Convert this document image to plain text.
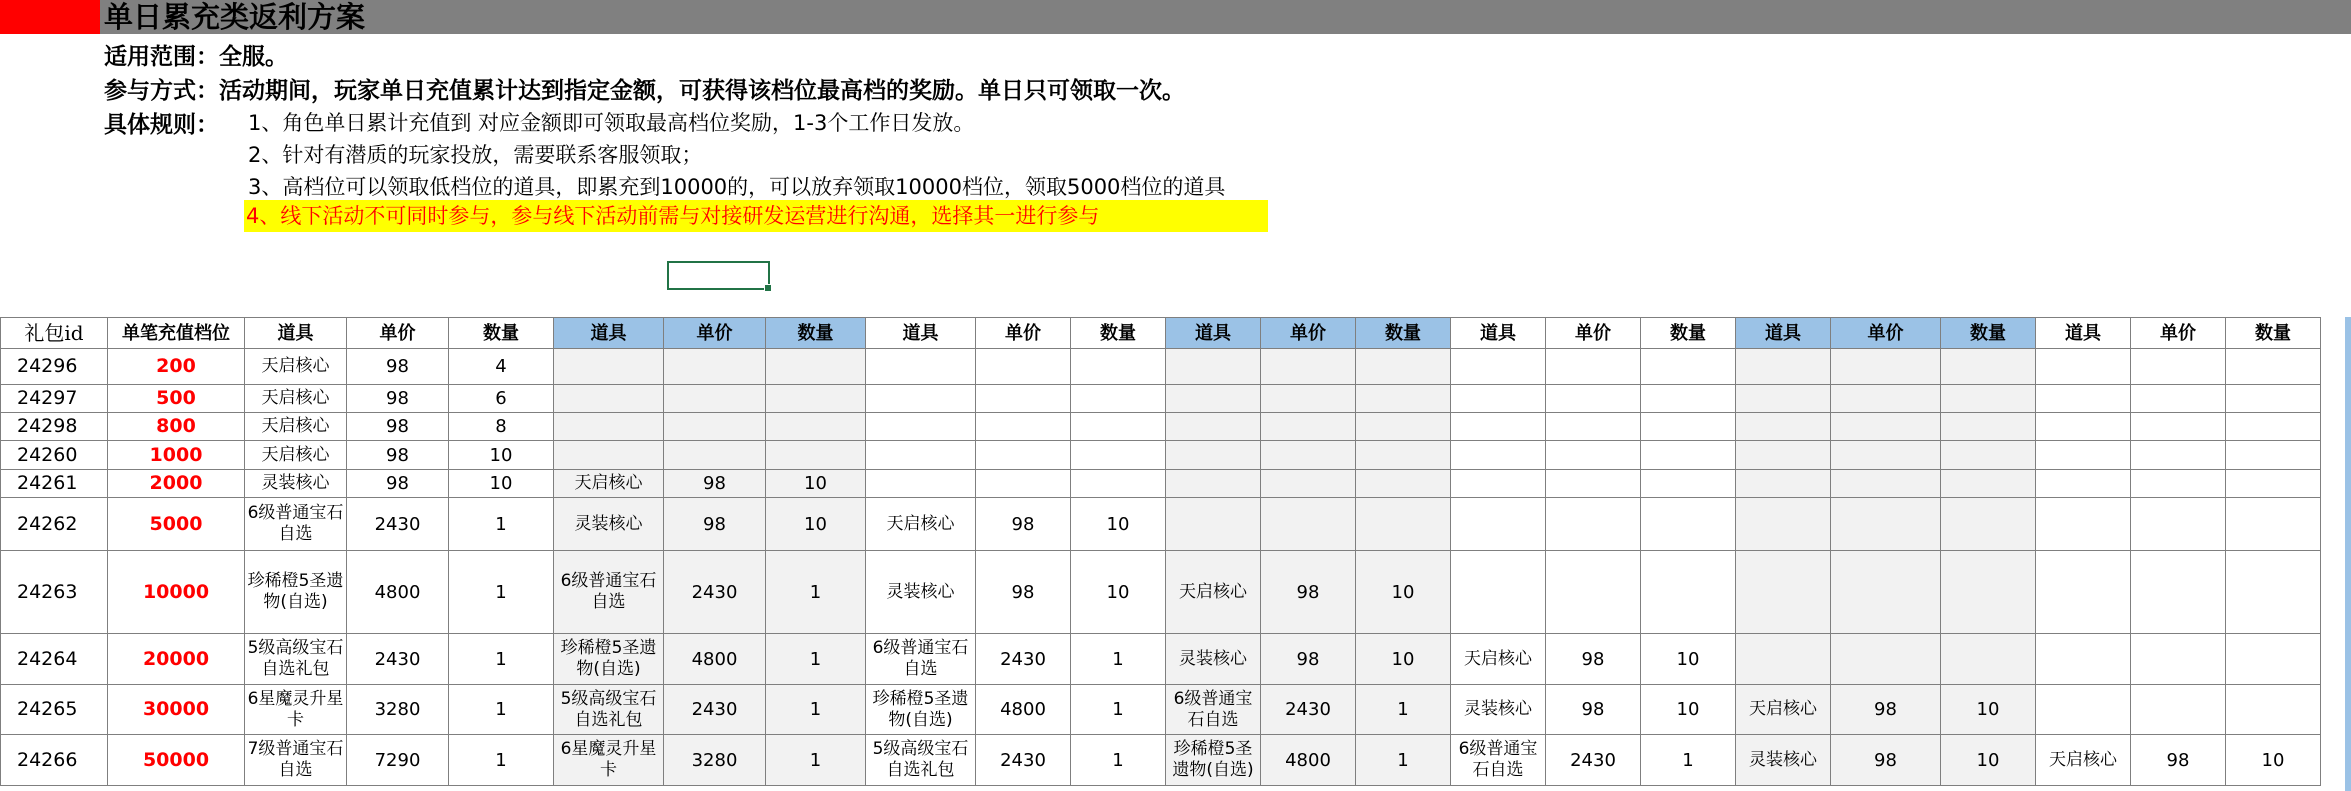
单日累充类返利方案
适用范围：全服。
参与方式：活动期间，玩家单日充值累计达到指定金额，可获得该档位最高档的奖励。单日只可领取一次。
具体规则： 1、角色单日累计充值到 对应金额即可领取最高档位奖励，1-3个工作日发放。
2、针对有潜质的玩家投放，需要联系客服领取；
3、高档位可以领取低档位的道具，即累充到10000的，可以放弃领取10000档位，领取5000档位的道具
4、线下活动不可同时参与，参与线下活动前需与对接研发运营进行沟通，选择其一进行参与
礼包id	单笔充值档位	道具	单价	数量	道具	单价	数量	道具	单价	数量	道具	单价	数量	道具	单价	数量	道具	单价	数量	道具	单价	数量
24296	200	天启核心	98	4																		
24297	500	天启核心	98	6																		
24298	800	天启核心	98	8																		
24260	1000	天启核心	98	10																		
24261	2000	灵装核心	98	10	天启核心	98	10															
24262	5000	6级普通宝石自选	2430	1	灵装核心	98	10	天启核心	98	10												
24263	10000	珍稀橙5圣遗物(自选)	4800	1	6级普通宝石自选	2430	1	灵装核心	98	10	天启核心	98	10									
24264	20000	5级高级宝石自选礼包	2430	1	珍稀橙5圣遗物(自选)	4800	1	6级普通宝石自选	2430	1	灵装核心	98	10	天启核心	98	10						
24265	30000	6星魔灵升星卡	3280	1	5级高级宝石自选礼包	2430	1	珍稀橙5圣遗物(自选)	4800	1	6级普通宝石自选	2430	1	灵装核心	98	10	天启核心	98	10			
24266	50000	7级普通宝石自选	7290	1	6星魔灵升星卡	3280	1	5级高级宝石自选礼包	2430	1	珍稀橙5圣遗物(自选)	4800	1	6级普通宝石自选	2430	1	灵装核心	98	10	天启核心	98	10
